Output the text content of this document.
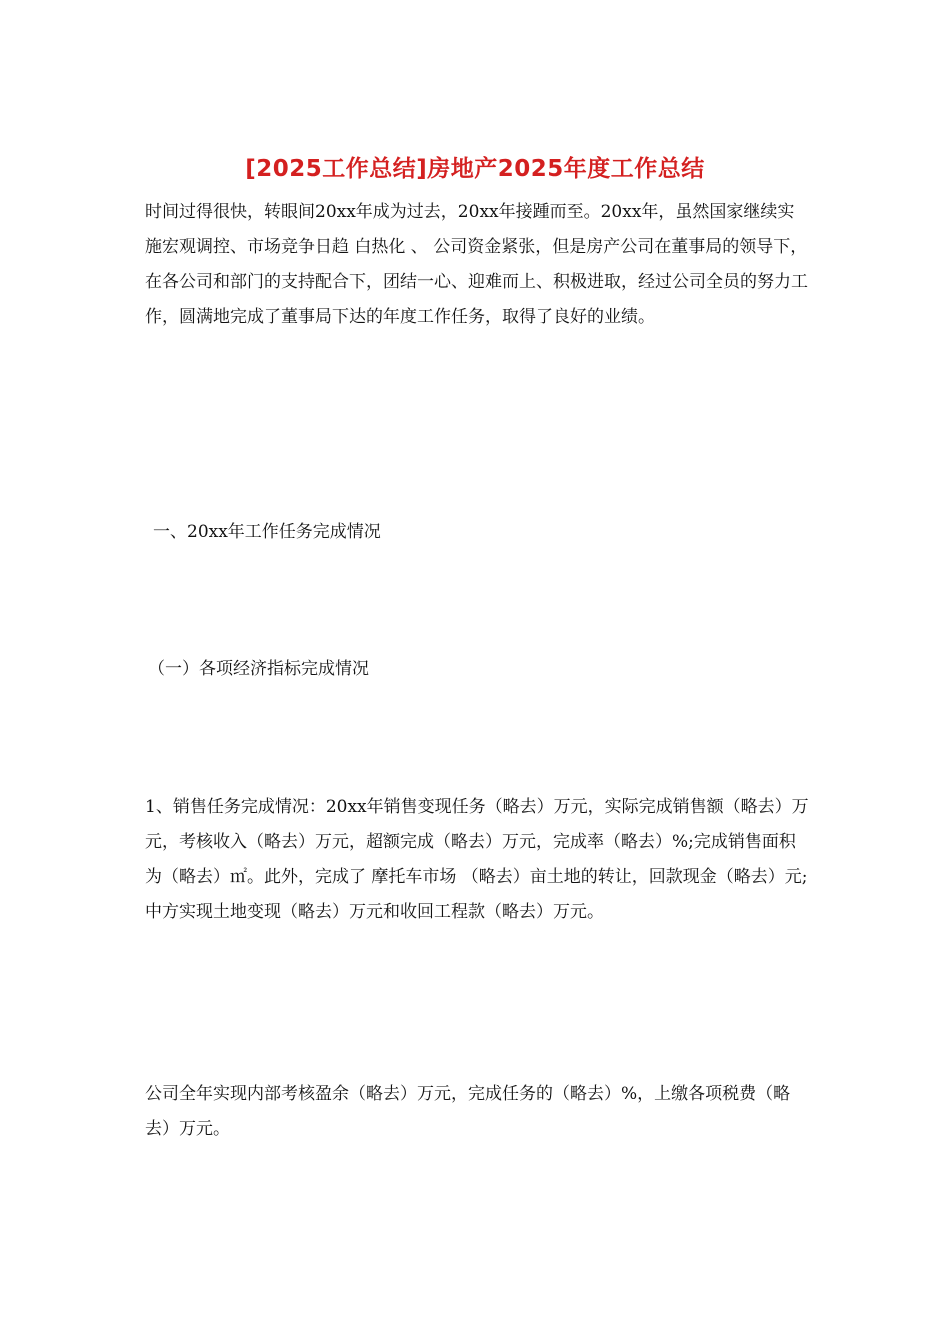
[2025工作总结]房地产2025年度工作总结

时间过得很快，转眼间20xx年成为过去，20xx年接踵而至。20xx年，虽然国家继续实施宏观调控、市场竞争日趋 白热化 、 公司资金紧张，但是房产公司在董事局的领导下，在各公司和部门的支持配合下，团结一心、迎难而上、积极进取，经过公司全员的努力工作，圆满地完成了董事局下达的年度工作任务，取得了良好的业绩。

一、20xx年工作任务完成情况

（一）各项经济指标完成情况

1、销售任务完成情况：20xx年销售变现任务（略去）万元，实际完成销售额（略去）万元，考核收入（略去）万元，超额完成（略去）万元，完成率（略去）%;完成销售面积为（略去）㎡。此外，完成了 摩托车市场 （略去）亩土地的转让，回款现金（略去）元;中方实现土地变现（略去）万元和收回工程款（略去）万元。

公司全年实现内部考核盈余（略去）万元，完成任务的（略去）%，上缴各项税费（略去）万元。
